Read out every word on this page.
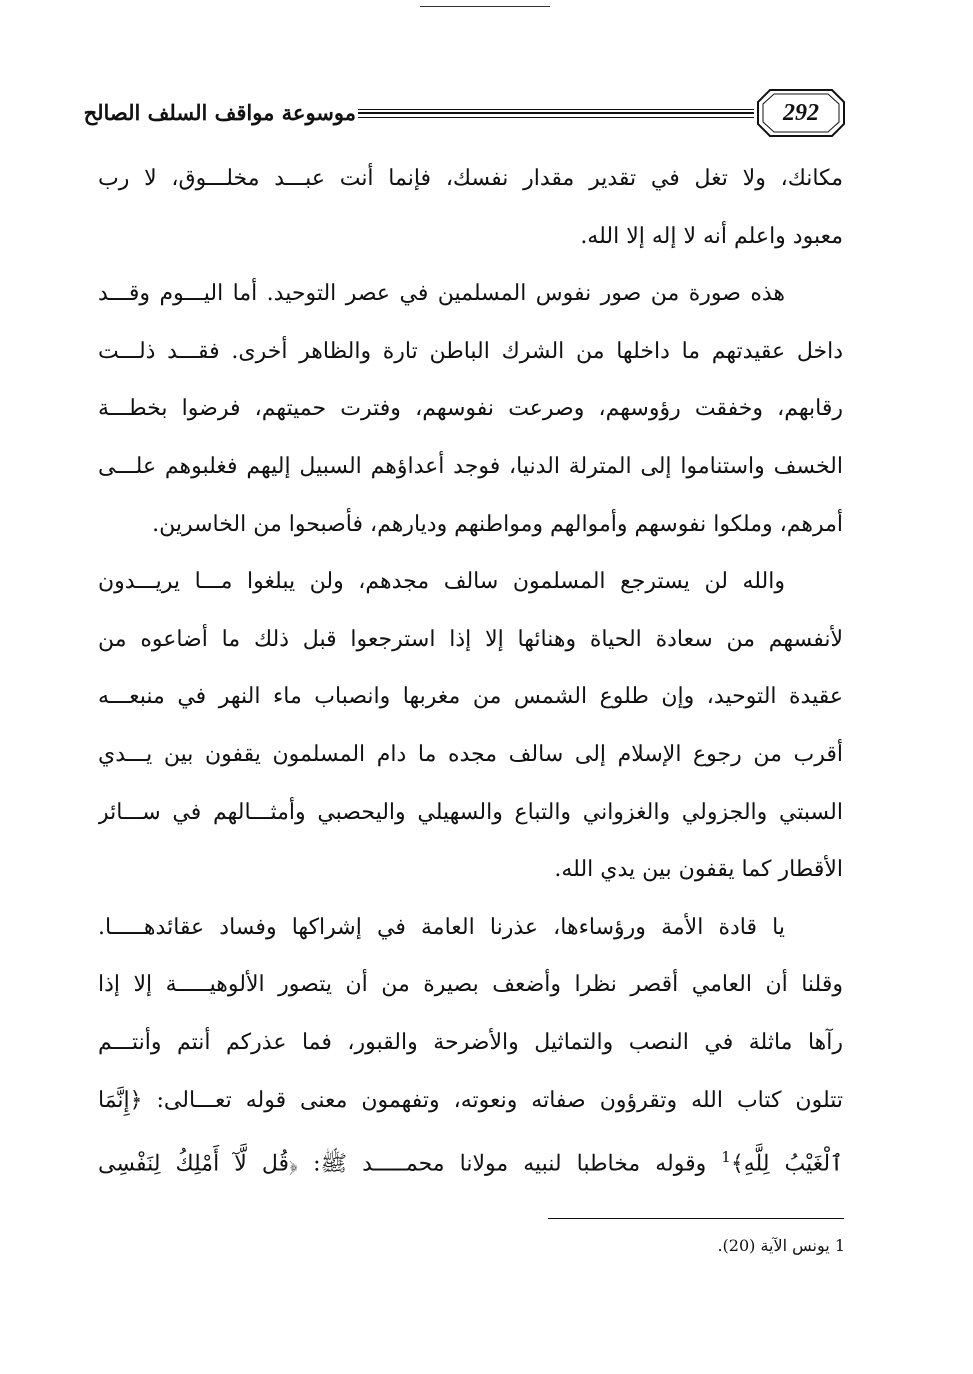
موسوعة مواقف السلف الصالح	292
مكانك، ولا تغل في تقدير مقدار نفسك، فإنما أنت عبـــد مخلـــوق، لا رب
معبود واعلم أنه لا إله إلا الله.
هذه صورة من صور نفوس المسلمين في عصر التوحيد. أما اليـــوم وقـــد
داخل عقيدتهم ما داخلها من الشرك الباطن تارة والظاهر أخرى. فقـــد ذلـــت
رقابهم، وخفقت رؤوسهم، وصرعت نفوسهم، وفترت حميتهم، فرضوا بخطـــة
الخسف واستناموا إلى المترلة الدنيا، فوجد أعداؤهم السبيل إليهم فغلبوهم علـــى
أمرهم، وملكوا نفوسهم وأموالهم ومواطنهم وديارهم، فأصبحوا من الخاسرين.
والله لن يسترجع المسلمون سالف مجدهم، ولن يبلغوا مـــا يريـــدون
لأنفسهم من سعادة الحياة وهنائها إلا إذا استرجعوا قبل ذلك ما أضاعوه من
عقيدة التوحيد، وإن طلوع الشمس من مغربها وانصباب ماء النهر في منبعـــه
أقرب من رجوع الإسلام إلى سالف مجده ما دام المسلمون يقفون بين يـــدي
السبتي والجزولي والغزواني والتباع والسهيلي واليحصبي وأمثـــالهم في ســـائر
الأقطار كما يقفون بين يدي الله.
يا قادة الأمة ورؤساءها، عذرنا العامة في إشراكها وفساد عقائدهـــــا.
وقلنا أن العامي أقصر نظرا وأضعف بصيرة من أن يتصور الألوهيـــــة إلا إذا
رآها ماثلة في النصب والتماثيل والأضرحة والقبور، فما عذركم أنتم وأنتـــم
تتلون كتاب الله وتقرؤون صفاته ونعوته، وتفهمون معنى قوله تعـــالى: ﴿إِنَّمَا
ٱلْغَيْبُ لِلَّهِ﴾$^1$ وقوله مخاطبا لنبيه مولانا محمـــــد ﷺ: ﴿قُل لَّآ أَمْلِكُ لِنَفْسِى
1 يونس الآية (20).
